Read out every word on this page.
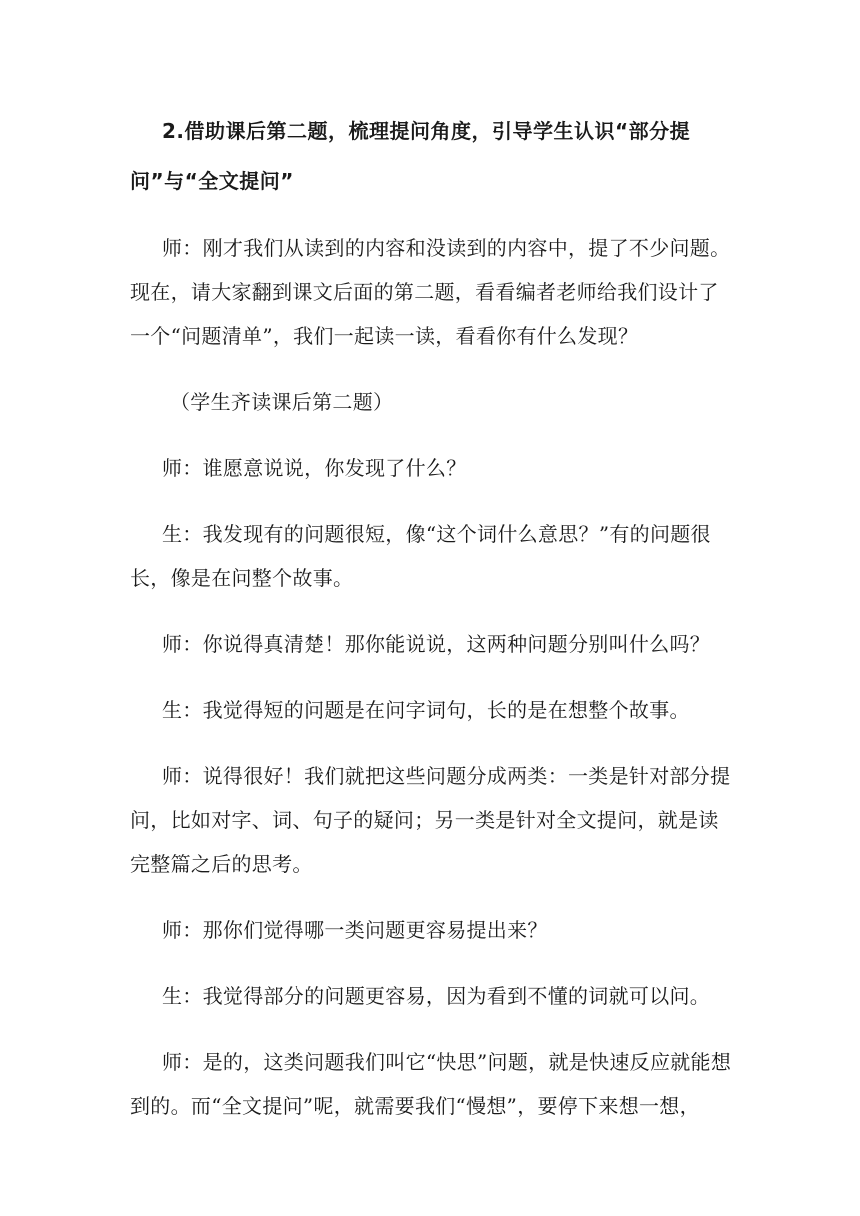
2.借助课后第二题，梳理提问角度，引导学生认识“部分提问”与“全文提问”

师：刚才我们从读到的内容和没读到的内容中，提了不少问题。现在，请大家翻到课文后面的第二题，看看编者老师给我们设计了一个“问题清单”，我们一起读一读，看看你有什么发现？

（学生齐读课后第二题）

师：谁愿意说说，你发现了什么？

生：我发现有的问题很短，像“这个词什么意思？”有的问题很长，像是在问整个故事。

师：你说得真清楚！那你能说说，这两种问题分别叫什么吗？

生：我觉得短的问题是在问字词句，长的是在想整个故事。

师：说得很好！我们就把这些问题分成两类：一类是针对部分提问，比如对字、词、句子的疑问；另一类是针对全文提问，就是读完整篇之后的思考。

师：那你们觉得哪一类问题更容易提出来？

生：我觉得部分的问题更容易，因为看到不懂的词就可以问。

师：是的，这类问题我们叫它“快思”问题，就是快速反应就能想到的。而“全文提问”呢，就需要我们“慢想”，要停下来想一想，
